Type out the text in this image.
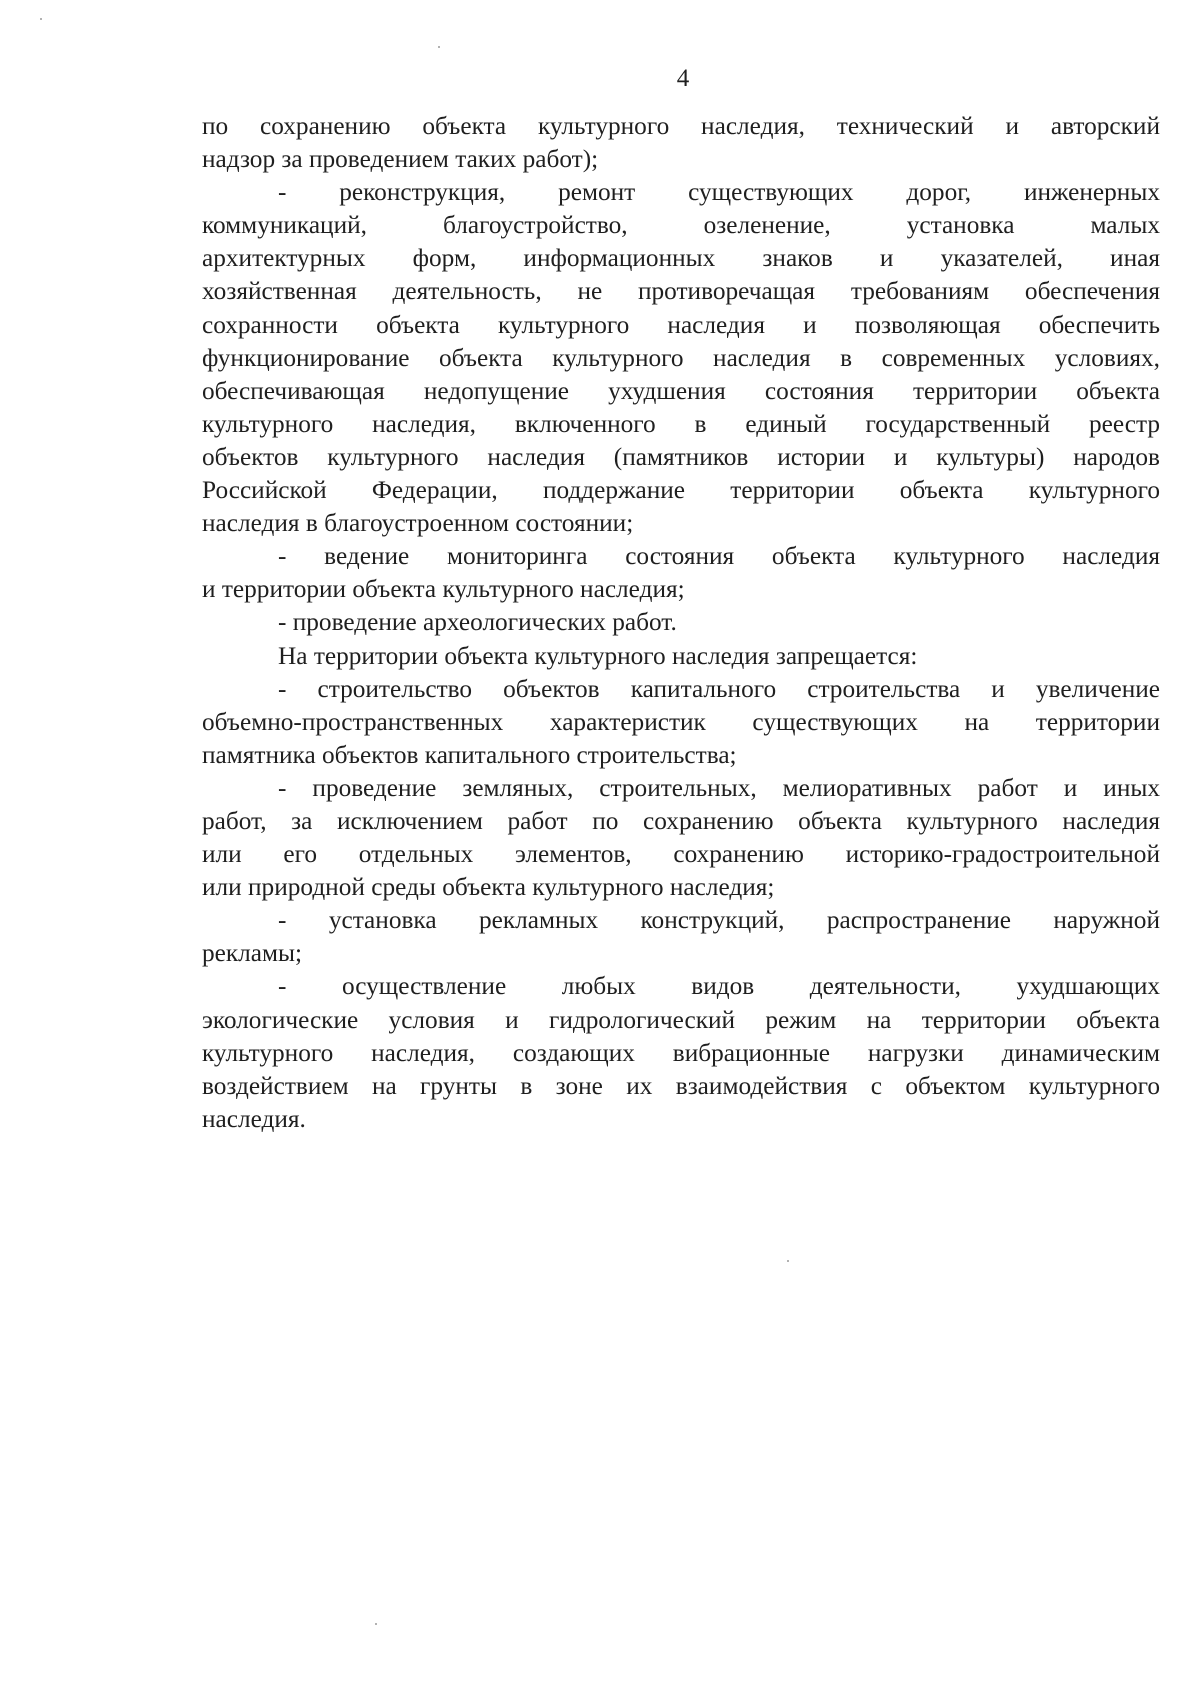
4
по сохранению объекта культурного наследия, технический и авторский
надзор за проведением таких работ);
- реконструкция, ремонт существующих дорог, инженерных
коммуникаций, благоустройство, озеленение, установка малых
архитектурных форм, информационных знаков и указателей, иная
хозяйственная деятельность, не противоречащая требованиям обеспечения
сохранности объекта культурного наследия и позволяющая обеспечить
функционирование объекта культурного наследия в современных условиях,
обеспечивающая недопущение ухудшения состояния территории объекта
культурного наследия, включенного в единый государственный реестр
объектов культурного наследия (памятников истории и культуры) народов
Российской Федерации, поддержание территории объекта культурного
наследия в благоустроенном состоянии;
- ведение мониторинга состояния объекта культурного наследия
и территории объекта культурного наследия;
- проведение археологических работ.
На территории объекта культурного наследия запрещается:
- строительство объектов капитального строительства и увеличение
объемно-пространственных характеристик существующих на территории
памятника объектов капитального строительства;
- проведение земляных, строительных, мелиоративных работ и иных
работ, за исключением работ по сохранению объекта культурного наследия
или его отдельных элементов, сохранению историко-градостроительной
или природной среды объекта культурного наследия;
- установка рекламных конструкций, распространение наружной
рекламы;
- осуществление любых видов деятельности, ухудшающих
экологические условия и гидрологический режим на территории объекта
культурного наследия, создающих вибрационные нагрузки динамическим
воздействием на грунты в зоне их взаимодействия с объектом культурного
наследия.
